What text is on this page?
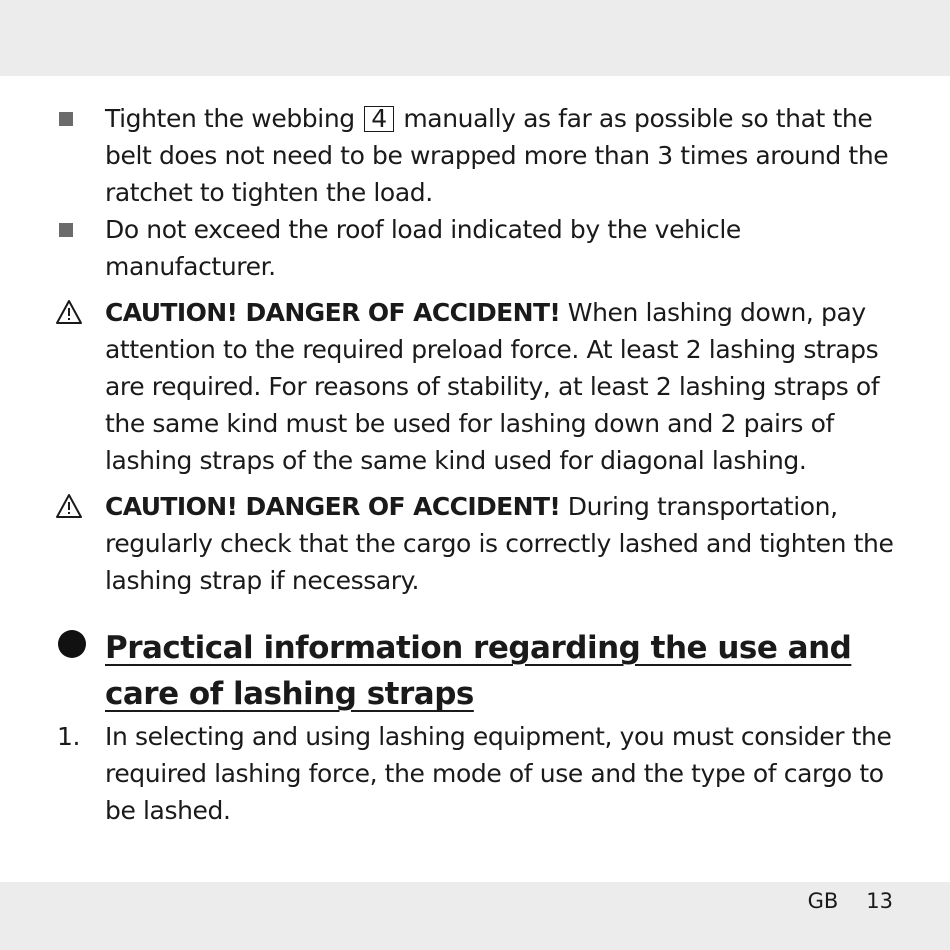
Tighten the webbing 4 manually as far as possible so that the belt does not need to be wrapped more than 3 times around the ratchet to tighten the load.
Do not exceed the roof load indicated by the vehicle manufacturer.
CAUTION! DANGER OF ACCIDENT! When lashing down, pay attention to the required preload force. At least 2 lashing straps are required. For reasons of stability, at least 2 lashing straps of the same kind must be used for lashing down and 2 pairs of lashing straps of the same kind used for diagonal lashing.
CAUTION! DANGER OF ACCIDENT! During transportation, regularly check that the cargo is correctly lashed and tighten the lashing strap if necessary.
Practical information regarding the use and care of lashing straps
1. In selecting and using lashing equipment, you must consider the required lashing force, the mode of use and the type of cargo to be lashed.
GB 13
